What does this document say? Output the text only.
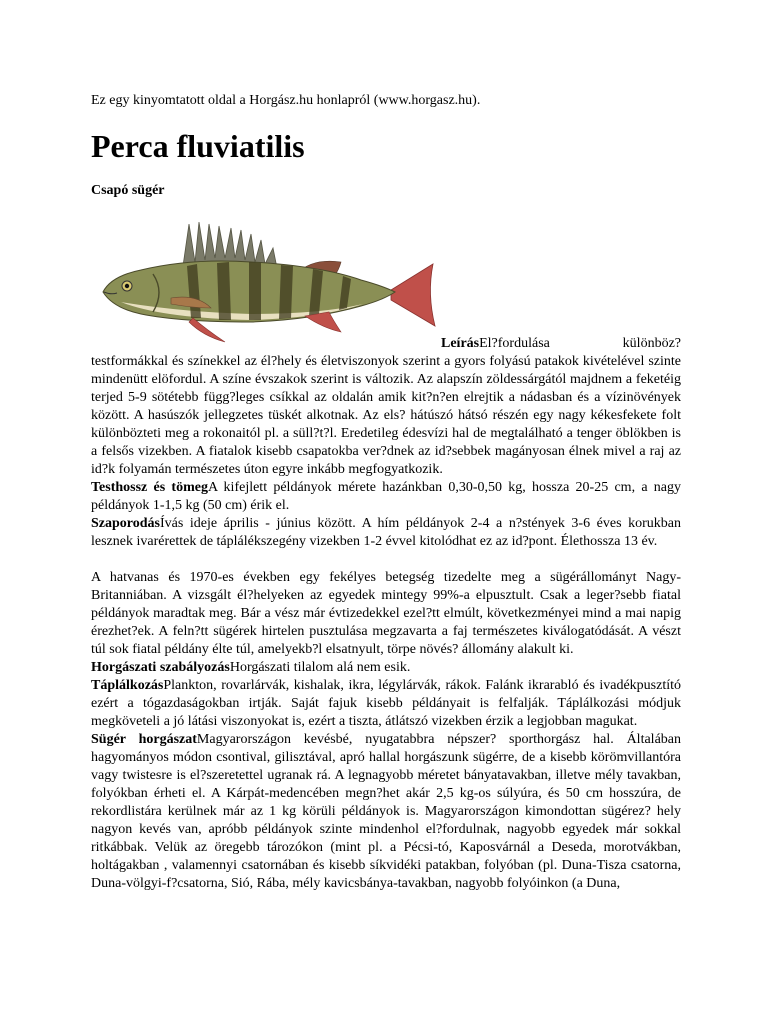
Ez egy kinyomtatott oldal a Horgász.hu honlapról (www.horgasz.hu).
Perca fluviatilis
Csapó sügér

LeírásEl?fordulása különböz? testformákkal és színekkel az él?hely és életviszonyok szerint a gyors folyású patakok kivételével szinte mindenütt elöfordul. A színe évszakok szerint is változik. Az alapszín zöldessárgától majdnem a feketéig terjed 5-9 sötétebb függ?leges csíkkal az oldalán amik kit?n?en elrejtik a nádasban és a vízinövények között. A hasúszók jellegzetes tüskét alkotnak. Az els? hátúszó hátsó részén egy nagy kékesfekete folt különbözteti meg a rokonaitól pl. a süll?t?l. Eredetileg édesvízi hal de megtalálható a tenger öblökben is a felsős vizekben. A fiatalok kisebb csapatokba ver?dnek az id?sebbek magányosan élnek mivel a raj az id?k folyamán természetes úton egyre inkább megfogyatkozik.

Testhossz és tömegA kifejlett példányok mérete hazánkban 0,30-0,50 kg, hossza 20-25 cm, a nagy példányok 1-1,5 kg (50 cm) érik el.

SzaporodásÍvás ideje április - június között. A hím példányok 2-4 a n?stények 3-6 éves korukban lesznek ivarérettek de táplálékszegény vizekben 1-2 évvel kitolódhat ez az id?pont. Élethossza 13 év.

A hatvanas és 1970-es években egy fekélyes betegség tizedelte meg a sügérállományt Nagy-Britanniában. A vizsgált él?helyeken az egyedek mintegy 99%-a elpusztult. Csak a leger?sebb fiatal példányok maradtak meg. Bár a vész már évtizedekkel ezel?tt elmúlt, következményei mind a mai napig érezhet?ek. A feln?tt sügérek hirtelen pusztulása megzavarta a faj természetes kiválogatódását. A vészt túl sok fiatal példány élte túl, amelyekb?l elsatnyult, törpe növés? állomány alakult ki.

Horgászati szabályozásHorgászati tilalom alá nem esik.

TáplálkozásPlankton, rovarlárvák, kishalak, ikra, légylárvák, rákok. Falánk ikrarabló és ivadékpusztító ezért a tógazdaságokban irtják. Saját fajuk kisebb példányait is felfalják. Táplálkozási módjuk megköveteli a jó látási viszonyokat is, ezért a tiszta, átlátszó vizekben érzik a legjobban magukat.

Sügér horgászatMagyarországon kevésbé, nyugatabbra népszer? sporthorgász hal. Általában hagyományos módon csontival, gilisztával, apró hallal horgászunk sügérre, de a kisebb körömvillantóra vagy twistesre is el?szeretettel ugranak rá. A legnagyobb méretet bányatavakban, illetve mély tavakban, folyókban érheti el. A Kárpát-medencében megn?het akár 2,5 kg-os súlyúra, és 50 cm hosszúra, de rekordlistára kerülnek már az 1 kg körüli példányok is. Magyarországon kimondottan sügérez? hely nagyon kevés van, apróbb példányok szinte mindenhol el?fordulnak, nagyobb egyedek már sokkal ritkábbak. Velük az öregebb tározókon (mint pl. a Pécsi-tó, Kaposvárnál a Deseda, morotvákban, holtágakban , valamennyi csatornában és kisebb síkvidéki patakban, folyóban (pl. Duna-Tisza csatorna, Duna-völgyi-f?csatorna, Sió, Rába, mély kavicsbánya-tavakban, nagyobb folyóinkon (a Duna,
